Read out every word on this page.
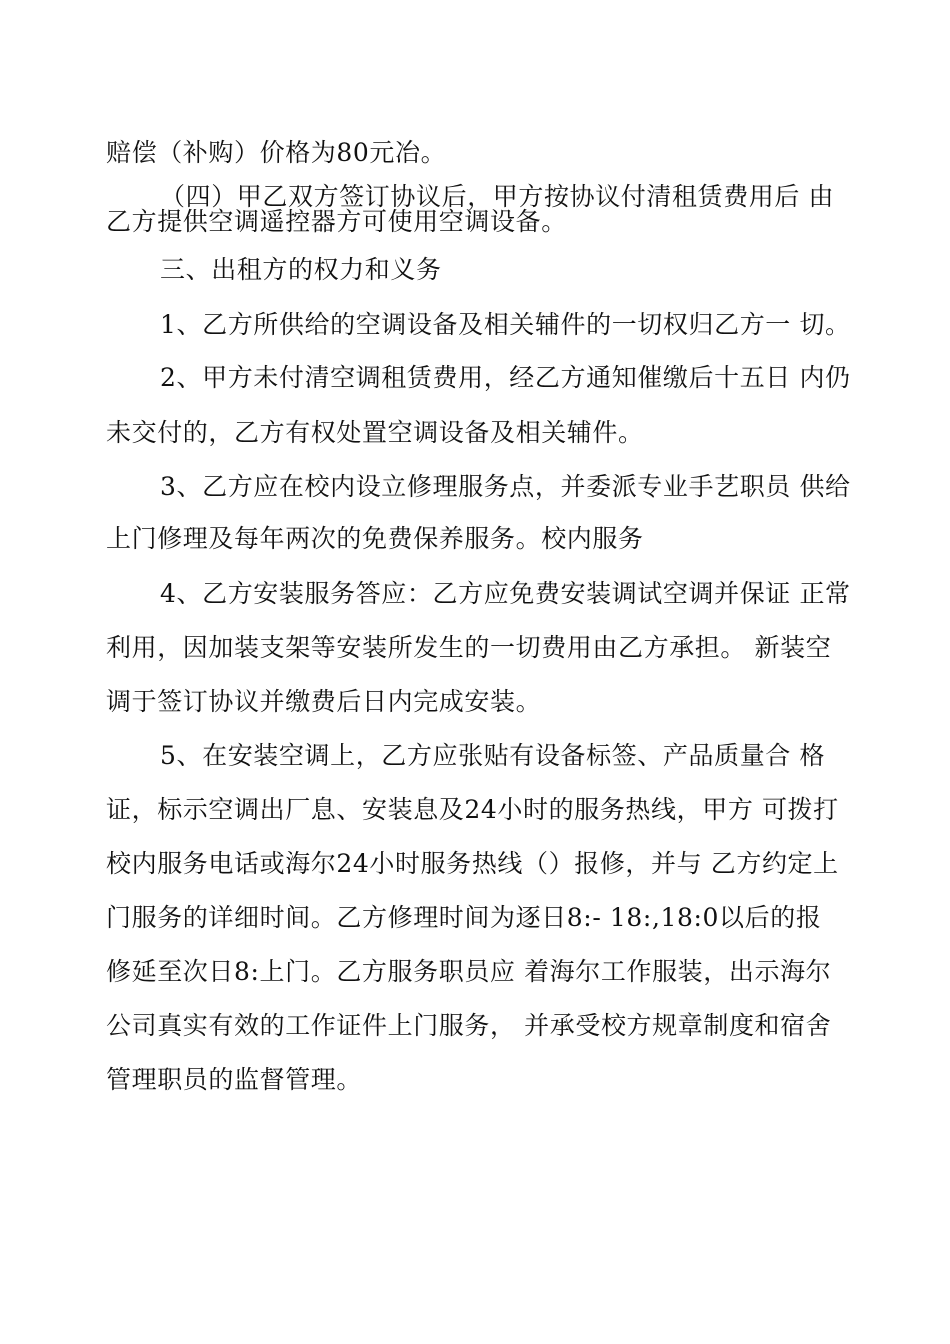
赔偿（补购）价格为80元冶。
（四）甲乙双方签订协议后，甲方按协议付清租赁费用后 由
乙方提供空调遥控器方可使用空调设备。
三、出租方的权力和义务
1、乙方所供给的空调设备及相关辅件的一切权归乙方一 切。
2、甲方未付清空调租赁费用，经乙方通知催缴后十五日 内仍
未交付的，乙方有权处置空调设备及相关辅件。
3、乙方应在校内设立修理服务点，并委派专业手艺职员 供给
上门修理及每年两次的免费保养服务。校内服务
4、乙方安装服务答应：乙方应免费安装调试空调并保证 正常
利用，因加装支架等安装所发生的一切费用由乙方承担。 新装空
调于签订协议并缴费后日内完成安装。
5、在安装空调上，乙方应张贴有设备标签、产品质量合 格
证，标示空调出厂息、安装息及24小时的服务热线，甲方 可拨打
校内服务电话或海尔24小时服务热线（）报修，并与 乙方约定上
门服务的详细时间。乙方修理时间为逐日8:- 18:,18:0以后的报
修延至次日8:上门。乙方服务职员应 着海尔工作服装，出示海尔
公司真实有效的工作证件上门服务， 并承受校方规章制度和宿舍
管理职员的监督管理。
